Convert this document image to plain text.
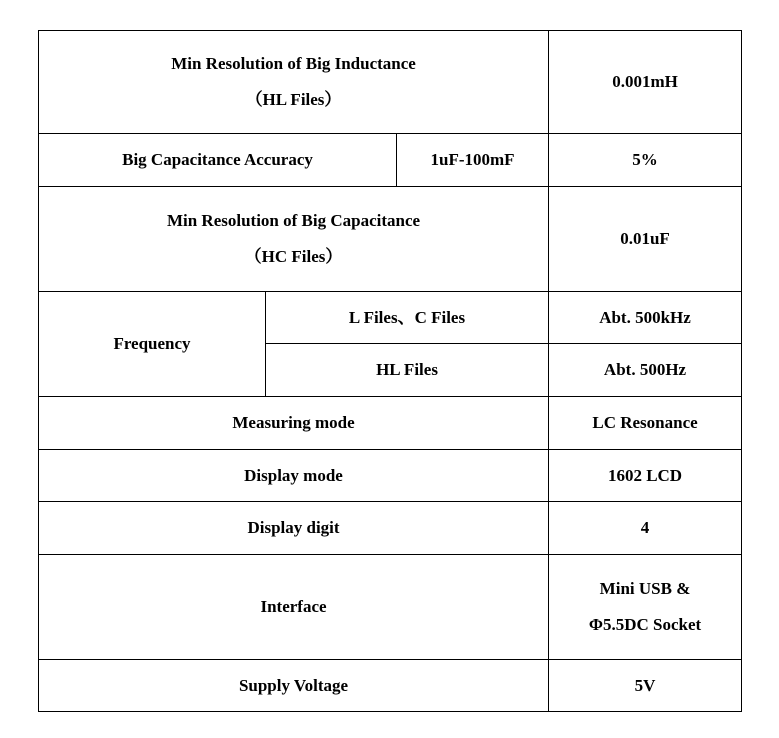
Min Resolution of Big Inductance
（HL Files）			0.001mH
Big Capacitance Accuracy		1uF-100mF	5%

Min Resolution of Big Capacitance
（HC Files）			0.01uF
Frequency	L Files、C Files		Abt. 500kHz
	HL Files		Abt. 500Hz
Measuring mode			LC Resonance
Display mode			1602 LCD
Display digit			4
Interface			Mini USB &
Φ5.5DC Socket

Supply Voltage			5V
